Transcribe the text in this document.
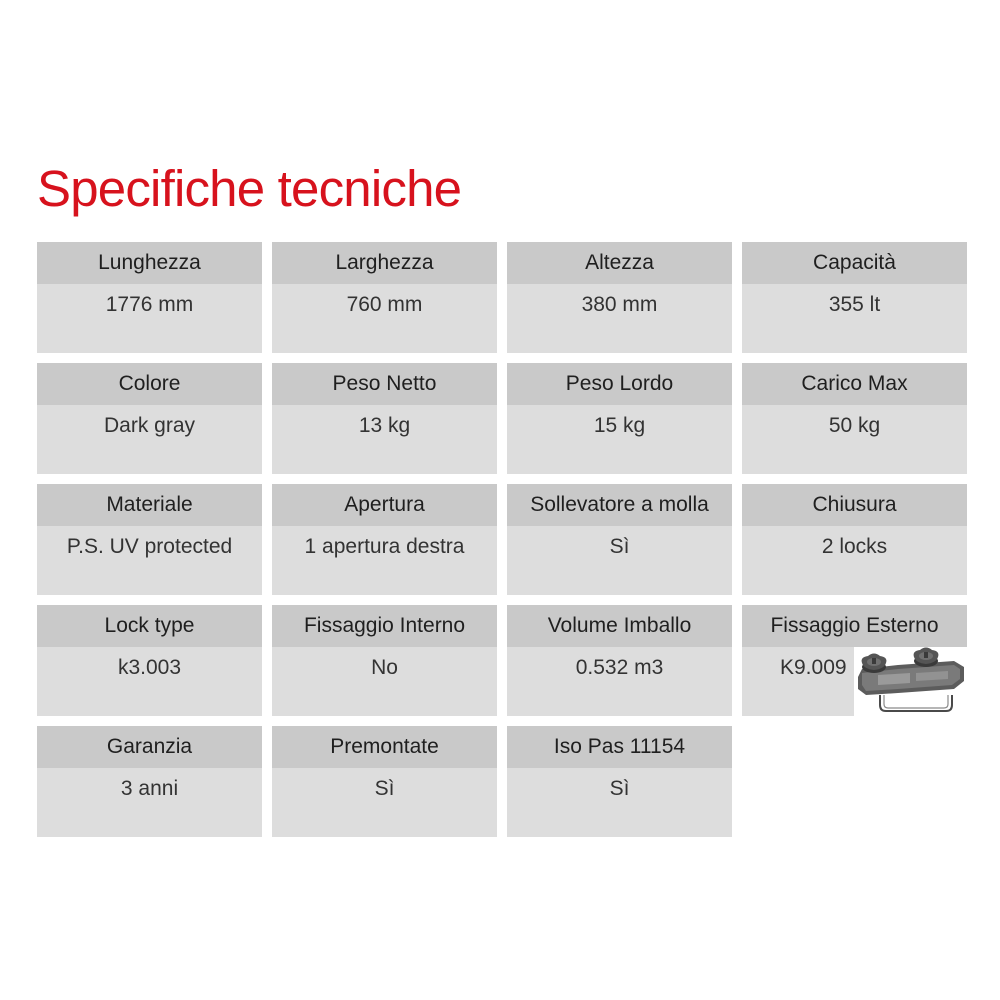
Specifiche tecniche
Lunghezza
1776 mm
Larghezza
760 mm
Altezza
380 mm
Capacità
355 lt
Colore
Dark gray
Peso Netto
13 kg
Peso Lordo
15 kg
Carico Max
50 kg
Materiale
P.S. UV protected
Apertura
1 apertura destra
Sollevatore a molla
Sì
Chiusura
2 locks
Lock type
k3.003
Fissaggio Interno
No
Volume Imballo
0.532 m3
Fissaggio Esterno
K9.009
Garanzia
3 anni
Premontate
Sì
Iso Pas 11154
Sì
